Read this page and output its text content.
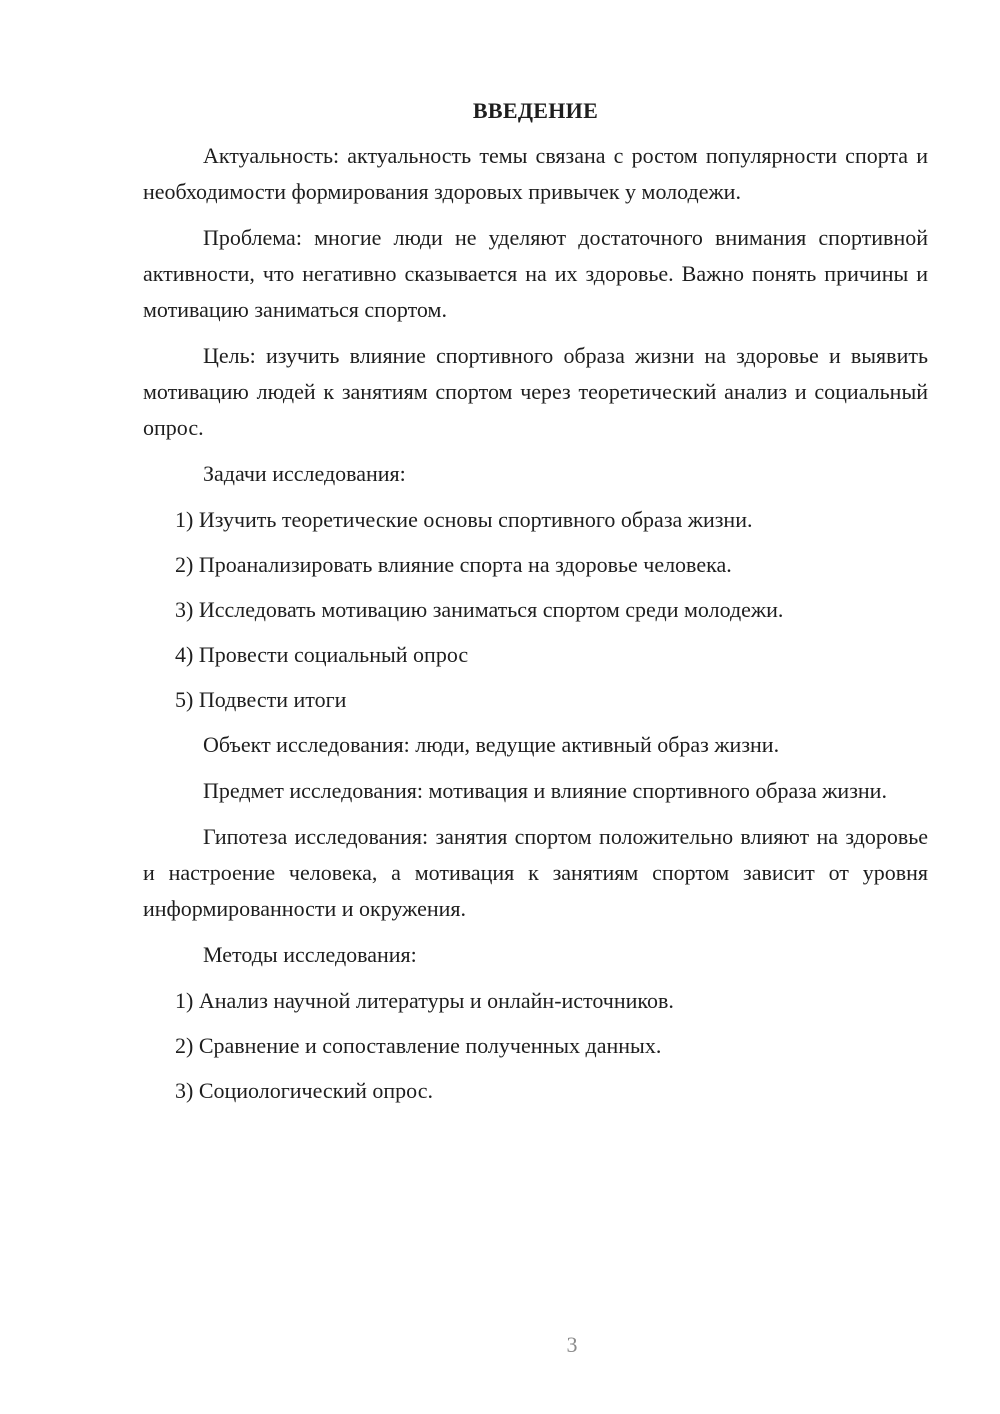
ВВЕДЕНИЕ

Актуальность: актуальность темы связана с ростом популярности спорта и необходимости формирования здоровых привычек у молодежи.

Проблема: многие люди не уделяют достаточного внимания спортивной активности, что негативно сказывается на их здоровье. Важно понять причины и мотивацию заниматься спортом.

Цель: изучить влияние спортивного образа жизни на здоровье и выявить мотивацию людей к занятиям спортом через теоретический анализ и социальный опрос.

Задачи исследования:

1) Изучить теоретические основы спортивного образа жизни.

2) Проанализировать влияние спорта на здоровье человека.

3) Исследовать мотивацию заниматься спортом среди молодежи.

4) Провести социальный опрос

5) Подвести итоги

Объект исследования: люди, ведущие активный образ жизни.

Предмет исследования: мотивация и влияние спортивного образа жизни.

Гипотеза исследования: занятия спортом положительно влияют на здоровье и настроение человека, а мотивация к занятиям спортом зависит от уровня информированности и окружения.

Методы исследования:

1) Анализ научной литературы и онлайн-источников.

2) Сравнение и сопоставление полученных данных.

3) Социологический опрос.

3
